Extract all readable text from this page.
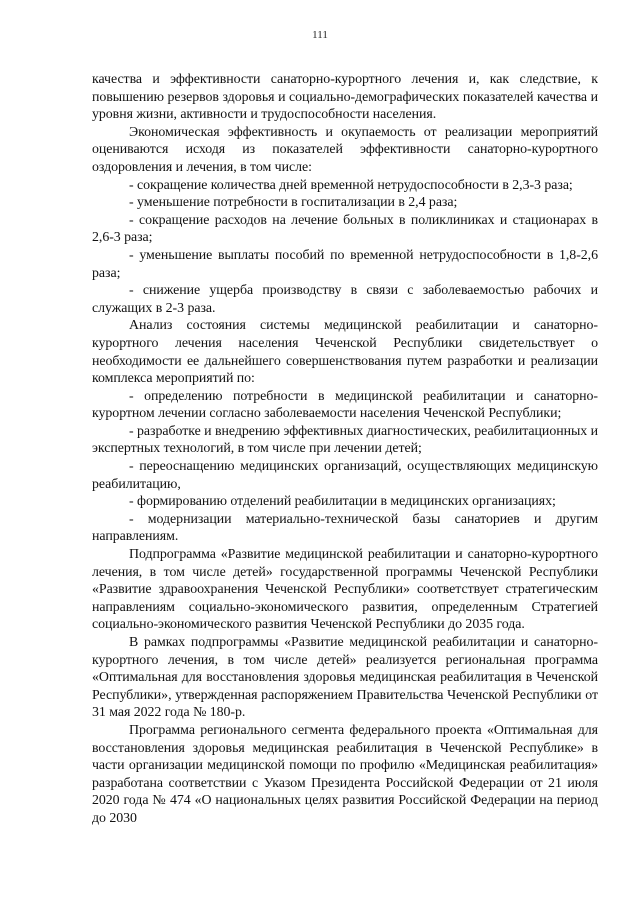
111

качества и эффективности санаторно-курортного лечения и, как следствие, к повышению резервов здоровья и социально-демографических показателей качества и уровня жизни, активности и трудоспособности населения.

Экономическая эффективность и окупаемость от реализации мероприятий оцениваются исходя из показателей эффективности санаторно-курортного оздоровления и лечения, в том числе:

- сокращение количества дней временной нетрудоспособности в 2,3-3 раза;

- уменьшение потребности в госпитализации в 2,4 раза;

- сокращение расходов на лечение больных в поликлиниках и стационарах в 2,6-3 раза;

- уменьшение выплаты пособий по временной нетрудоспособности в 1,8-2,6 раза;

- снижение ущерба производству в связи с заболеваемостью рабочих и служащих в 2-3 раза.

Анализ состояния системы медицинской реабилитации и санаторно-курортного лечения населения Чеченской Республики свидетельствует о необходимости ее дальнейшего совершенствования путем разработки и реализации комплекса мероприятий по:

- определению потребности в медицинской реабилитации и санаторно-курортном лечении согласно заболеваемости населения Чеченской Республики;

- разработке и внедрению эффективных диагностических, реабилитационных и экспертных технологий, в том числе при лечении детей;

- переоснащению медицинских организаций, осуществляющих медицинскую реабилитацию,

- формированию отделений реабилитации в медицинских организациях;

- модернизации материально-технической базы санаториев и другим направлениям.

Подпрограмма «Развитие медицинской реабилитации и санаторно-курортного лечения, в том числе детей» государственной программы Чеченской Республики «Развитие здравоохранения Чеченской Республики» соответствует стратегическим направлениям социально-экономического развития, определенным Стратегией социально-экономического развития Чеченской Республики до 2035 года.

В рамках подпрограммы «Развитие медицинской реабилитации и санаторно-курортного лечения, в том числе детей» реализуется региональная программа «Оптимальная для восстановления здоровья медицинская реабилитация в Чеченской Республики», утвержденная распоряжением Правительства Чеченской Республики от 31 мая 2022 года № 180-р.

Программа регионального сегмента федерального проекта «Оптимальная для восстановления здоровья медицинская реабилитация в Чеченской Республике» в части организации медицинской помощи по профилю «Медицинская реабилитация» разработана соответствии с Указом Президента Российской Федерации от 21 июля 2020 года № 474 «О национальных целях развития Российской Федерации на период до 2030
